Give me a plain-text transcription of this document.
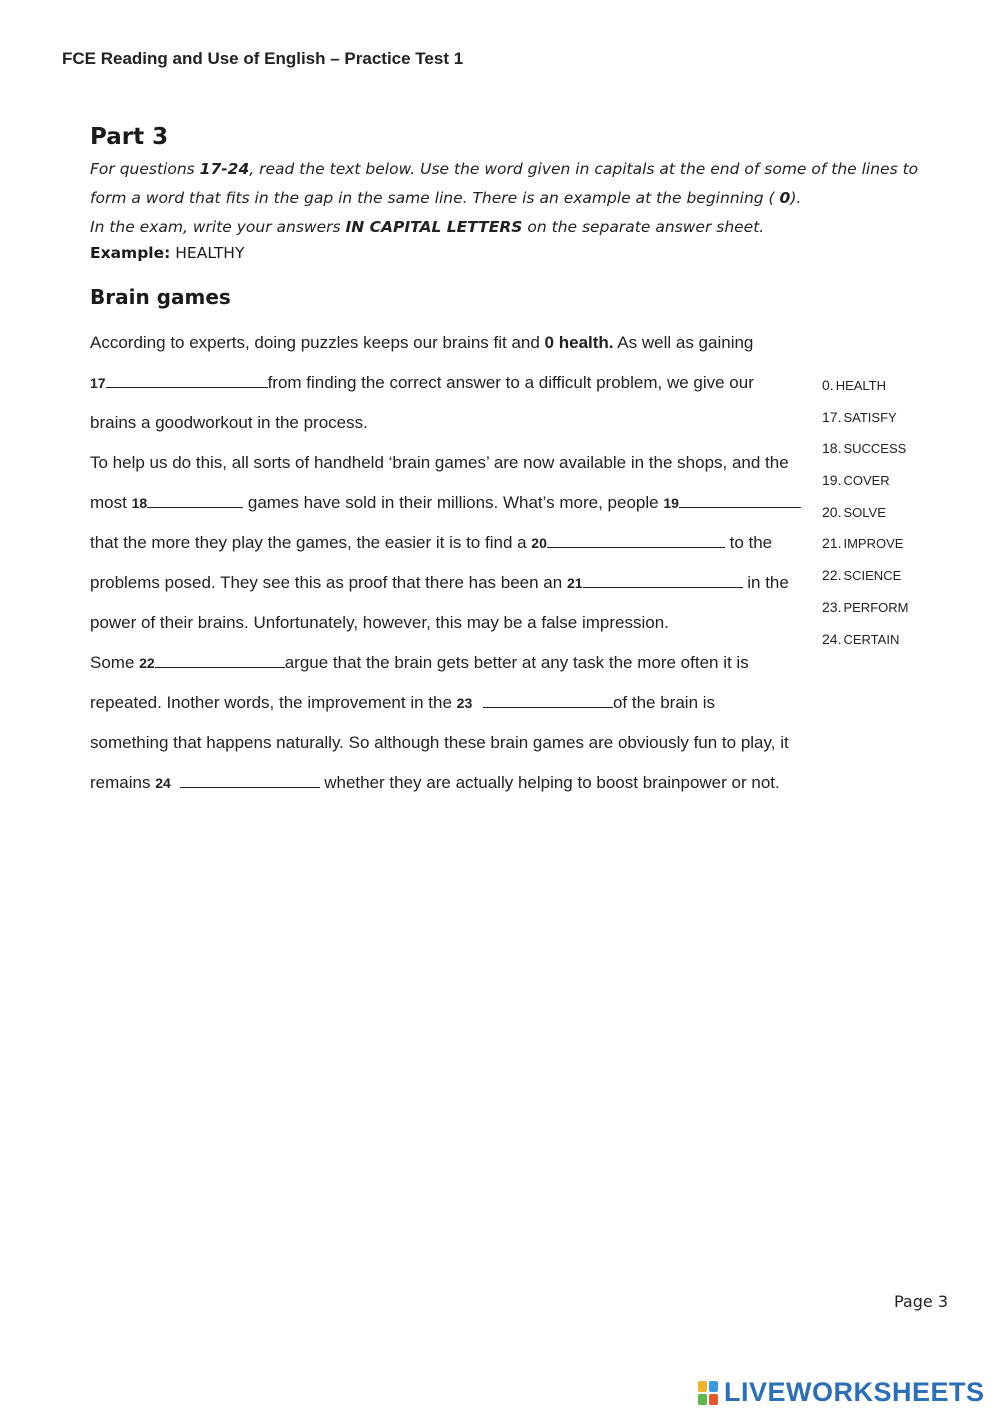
FCE Reading and Use of English – Practice Test 1
Part 3
For questions 17-24, read the text below. Use the word given in capitals at the end of some of the lines to
form a word that fits in the gap in the same line. There is an example at the beginning ( 0).
In the exam, write your answers IN CAPITAL LETTERS on the separate answer sheet.
Example: HEALTHY
Brain games
According to experts, doing puzzles keeps our brains fit and 0 health. As well as gaining
17	from finding the correct answer to a difficult problem, we give our
brains a goodworkout in the process.
To help us do this, all sorts of handheld ‘brain games’ are now available in the shops, and the
most 18	games have sold in their millions. What’s more, people 19
that the more they play the games, the easier it is to find a 20	to the
problems posed. They see this as proof that there has been an 21	in the
power of their brains. Unfortunately, however, this may be a false impression.
Some 22	argue that the brain gets better at any task the more often it is
repeated. Inother words, the improvement in the 23	of the brain is
something that happens naturally. So although these brain games are obviously fun to play, it
remains 24	whether they are actually helping to boost brainpower or not.
0. HEALTH
17. SATISFY
18. SUCCESS
19. COVER
20. SOLVE
21. IMPROVE
22. SCIENCE
23. PERFORM
24. CERTAIN
Page 3
LIVEWORKSHEETS
